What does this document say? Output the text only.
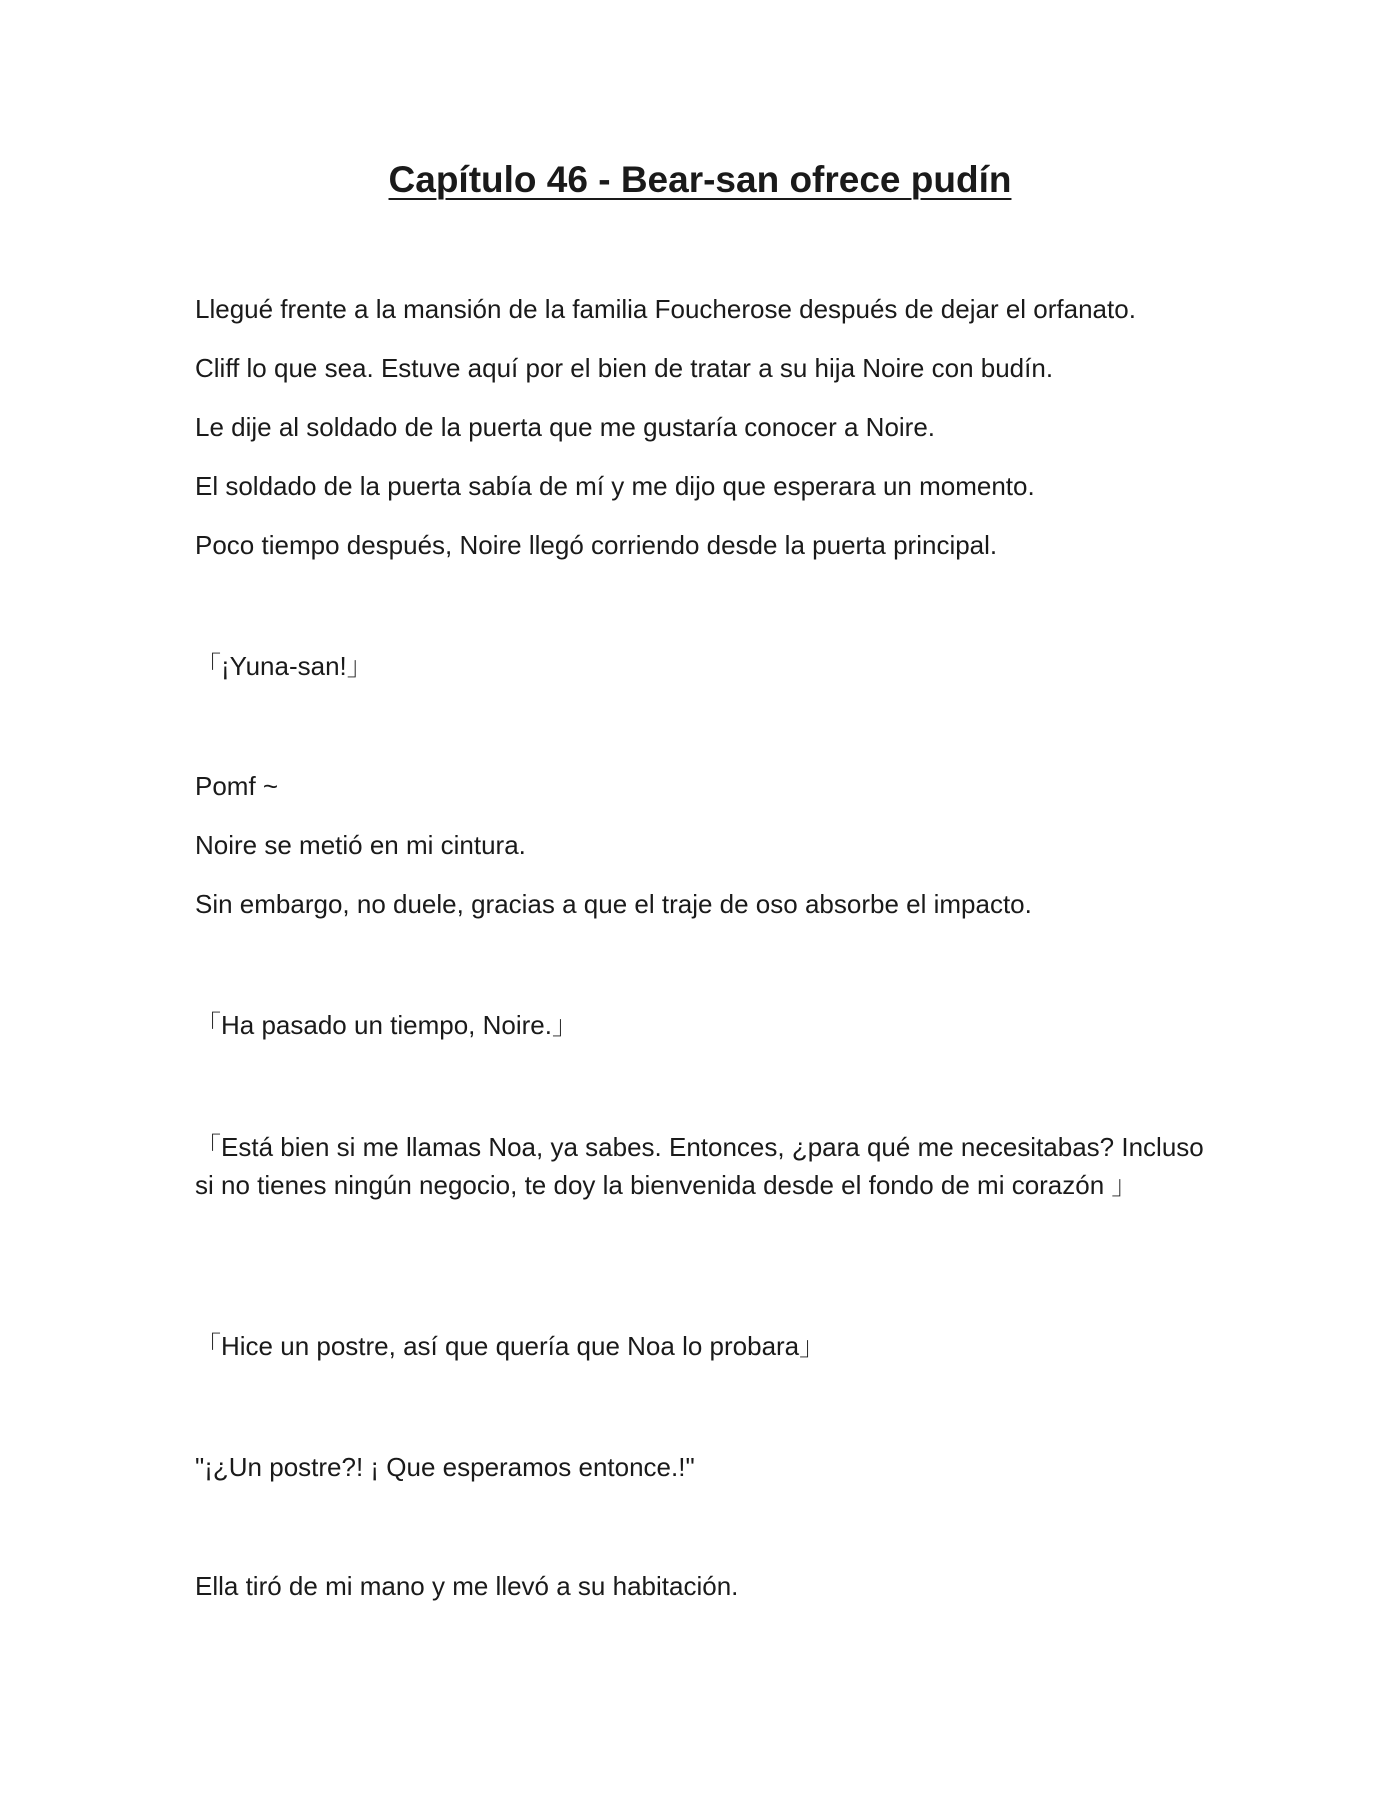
Capítulo 46 - Bear-san ofrece pudín

Llegué frente a la mansión de la familia Foucherose después de dejar el orfanato.

Cliff lo que sea. Estuve aquí por el bien de tratar a su hija Noire con budín.

Le dije al soldado de la puerta que me gustaría conocer a Noire.

El soldado de la puerta sabía de mí y me dijo que esperara un momento.

Poco tiempo después, Noire llegó corriendo desde la puerta principal.

「¡Yuna-san!」

Pomf ~

Noire se metió en mi cintura.

Sin embargo, no duele, gracias a que el traje de oso absorbe el impacto.

「Ha pasado un tiempo, Noire.」

「Está bien si me llamas Noa, ya sabes. Entonces, ¿para qué me necesitabas? Incluso si no tienes ningún negocio, te doy la bienvenida desde el fondo de mi corazón 」

「Hice un postre, así que quería que Noa lo probara」

"¡¿Un postre?! ¡ Que esperamos entonce.!"

Ella tiró de mi mano y me llevó a su habitación.
